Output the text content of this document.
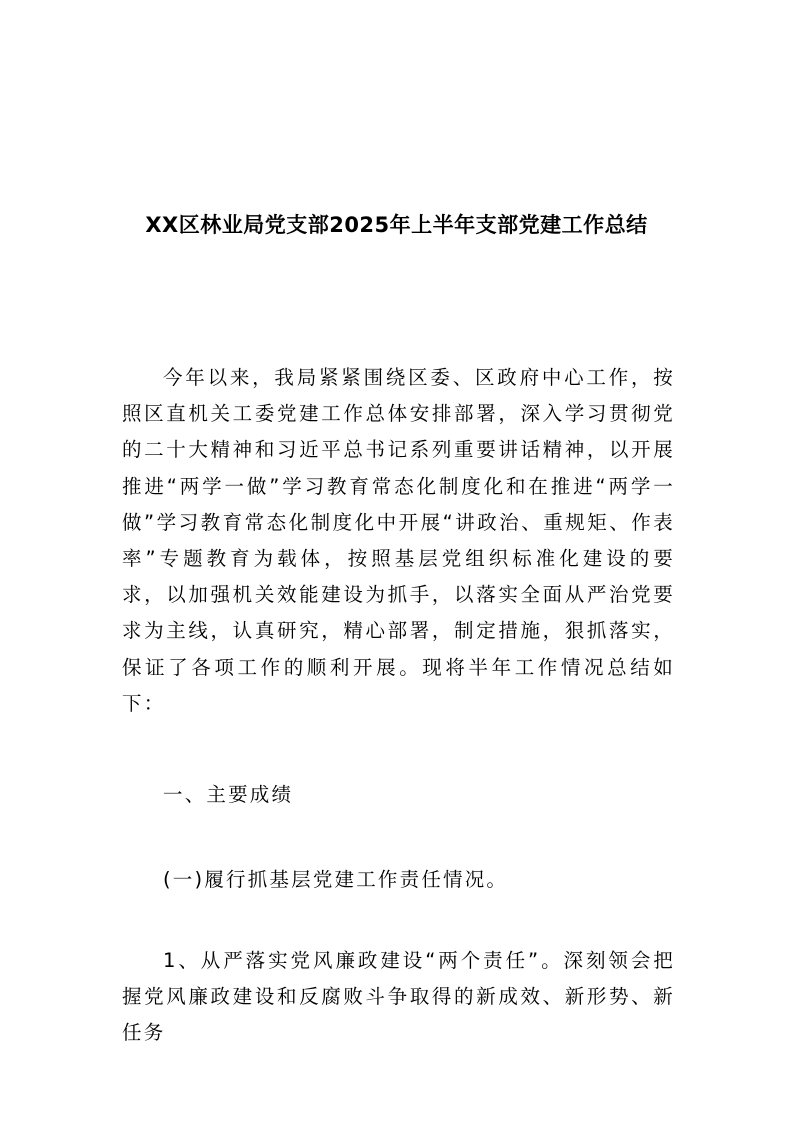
XX区林业局党支部2025年上半年支部党建工作总结
今年以来，我局紧紧围绕区委、区政府中心工作，按照区直机关工委党建工作总体安排部署，深入学习贯彻党的二十大精神和习近平总书记系列重要讲话精神，以开展推进“两学一做”学习教育常态化制度化和在推进“两学一做”学习教育常态化制度化中开展“讲政治、重规矩、作表率”专题教育为载体，按照基层党组织标准化建设的要求，以加强机关效能建设为抓手，以落实全面从严治党要求为主线，认真研究，精心部署，制定措施，狠抓落实，保证了各项工作的顺利开展。现将半年工作情况总结如下：
一、主要成绩
(一)履行抓基层党建工作责任情况。
1、从严落实党风廉政建设“两个责任”。深刻领会把握党风廉政建设和反腐败斗争取得的新成效、新形势、新任务
